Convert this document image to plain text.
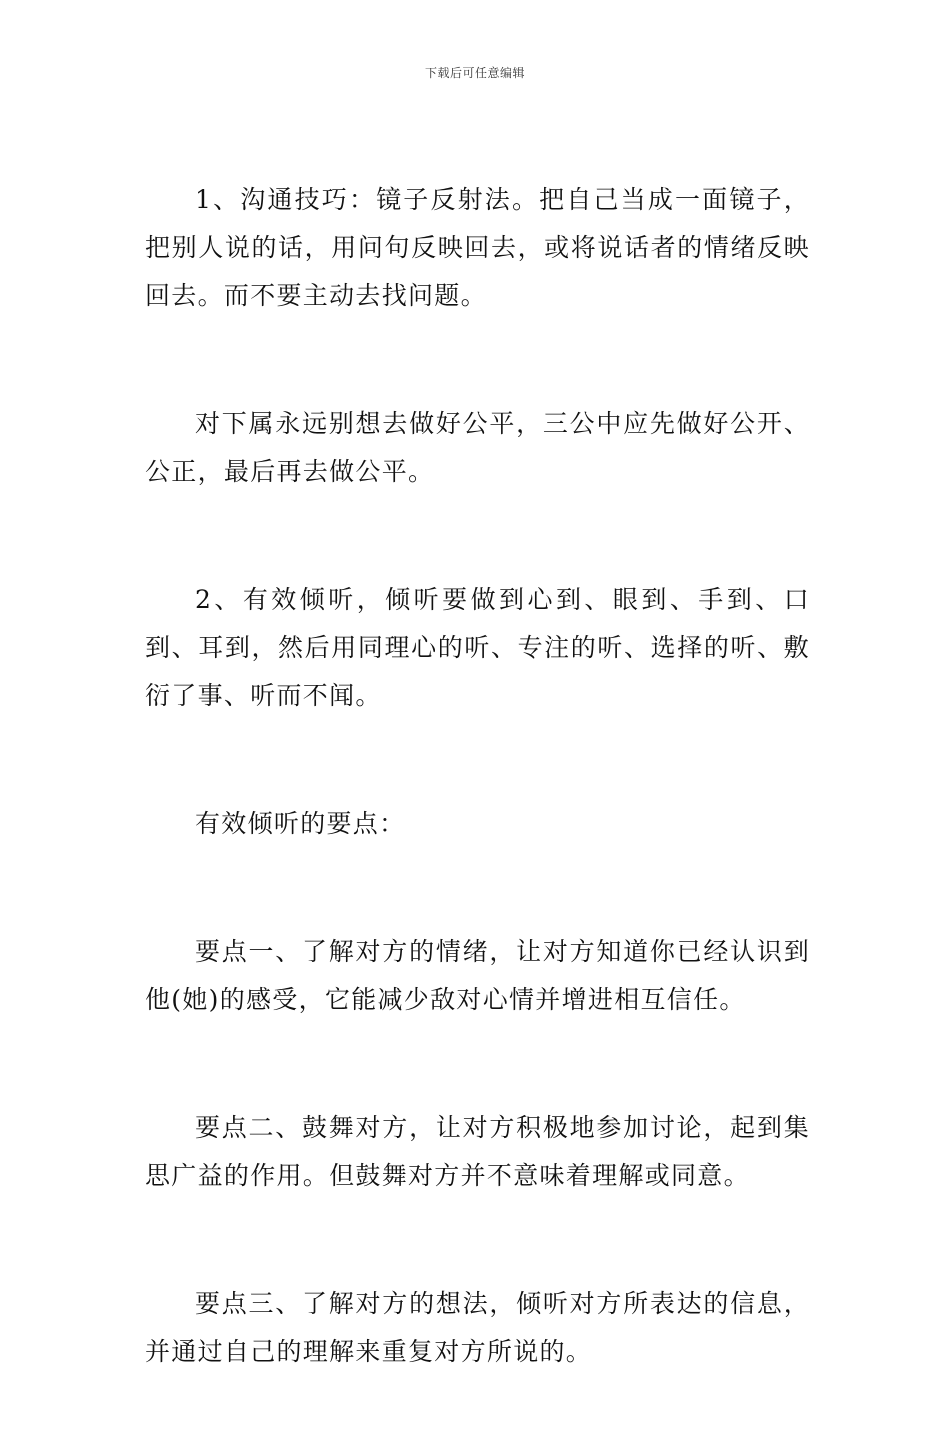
下载后可任意编辑

1、沟通技巧：镜子反射法。把自己当成一面镜子，把别人说的话，用问句反映回去，或将说话者的情绪反映回去。而不要主动去找问题。

对下属永远别想去做好公平，三公中应先做好公开、公正，最后再去做公平。

2、有效倾听，倾听要做到心到、眼到、手到、口到、耳到，然后用同理心的听、专注的听、选择的听、敷衍了事、听而不闻。

有效倾听的要点：

要点一、了解对方的情绪，让对方知道你已经认识到他(她)的感受，它能减少敌对心情并增进相互信任。

要点二、鼓舞对方，让对方积极地参加讨论，起到集思广益的作用。但鼓舞对方并不意味着理解或同意。

要点三、了解对方的想法，倾听对方所表达的信息，并通过自己的理解来重复对方所说的。
